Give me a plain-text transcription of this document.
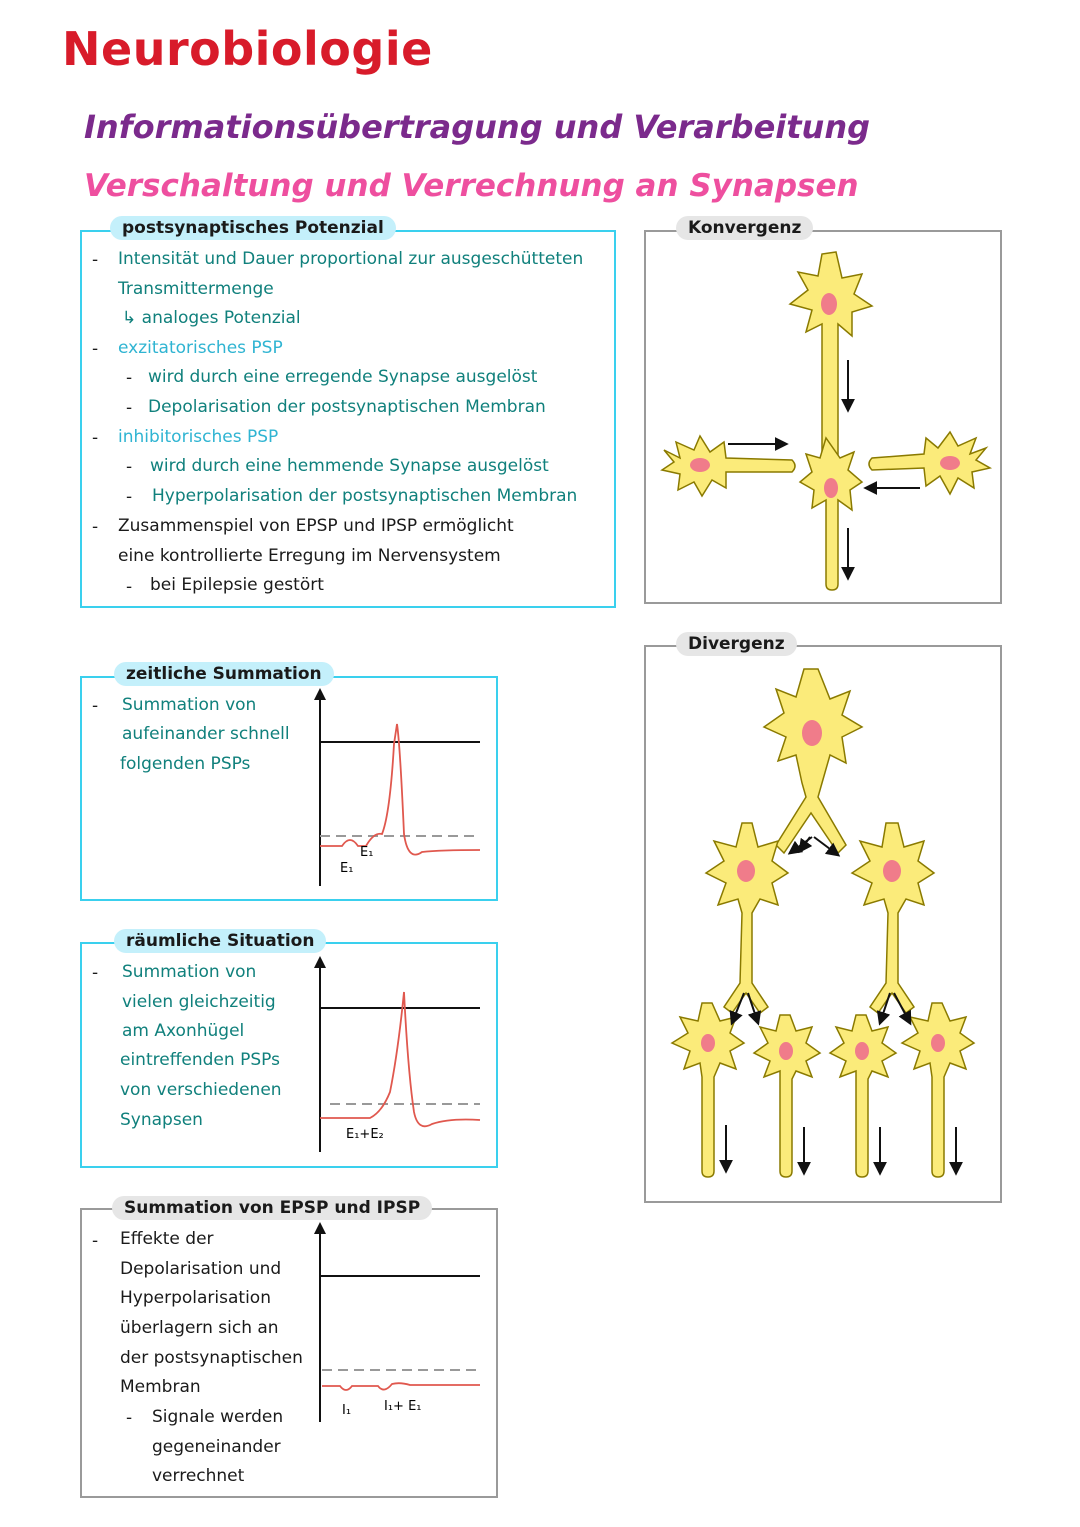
Neurobiologie
Informationsübertragung und Verarbeitung
Verschaltung und Verrechnung an Synapsen
postsynaptisches Potenzial
- Intensität und Dauer proportional zur ausgeschütteten
Transmittermenge
↳ analoges Potenzial
- exzitatorisches PSP
- wird durch eine erregende Synapse ausgelöst
- Depolarisation der postsynaptischen Membran
- inhibitorisches PSP
- wird durch eine hemmende Synapse ausgelöst
- Hyperpolarisation der postsynaptischen Membran
- Zusammenspiel von EPSP und IPSP ermöglicht
eine kontrollierte Erregung im Nervensystem
- bei Epilepsie gestört
zeitliche Summation
- Summation von
aufeinander schnell
folgenden PSPs
E₁
E₁
räumliche Situation
- Summation von
vielen gleichzeitig
am Axonhügel
eintreffenden PSPs
von verschiedenen
Synapsen
E₁+E₂
Summation von EPSP und IPSP
- Effekte der
Depolarisation und
Hyperpolarisation
überlagern sich an
der postsynaptischen
Membran
- Signale werden
gegeneinander
verrechnet
I₁	I₁+ E₁
Konvergenz
Divergenz
